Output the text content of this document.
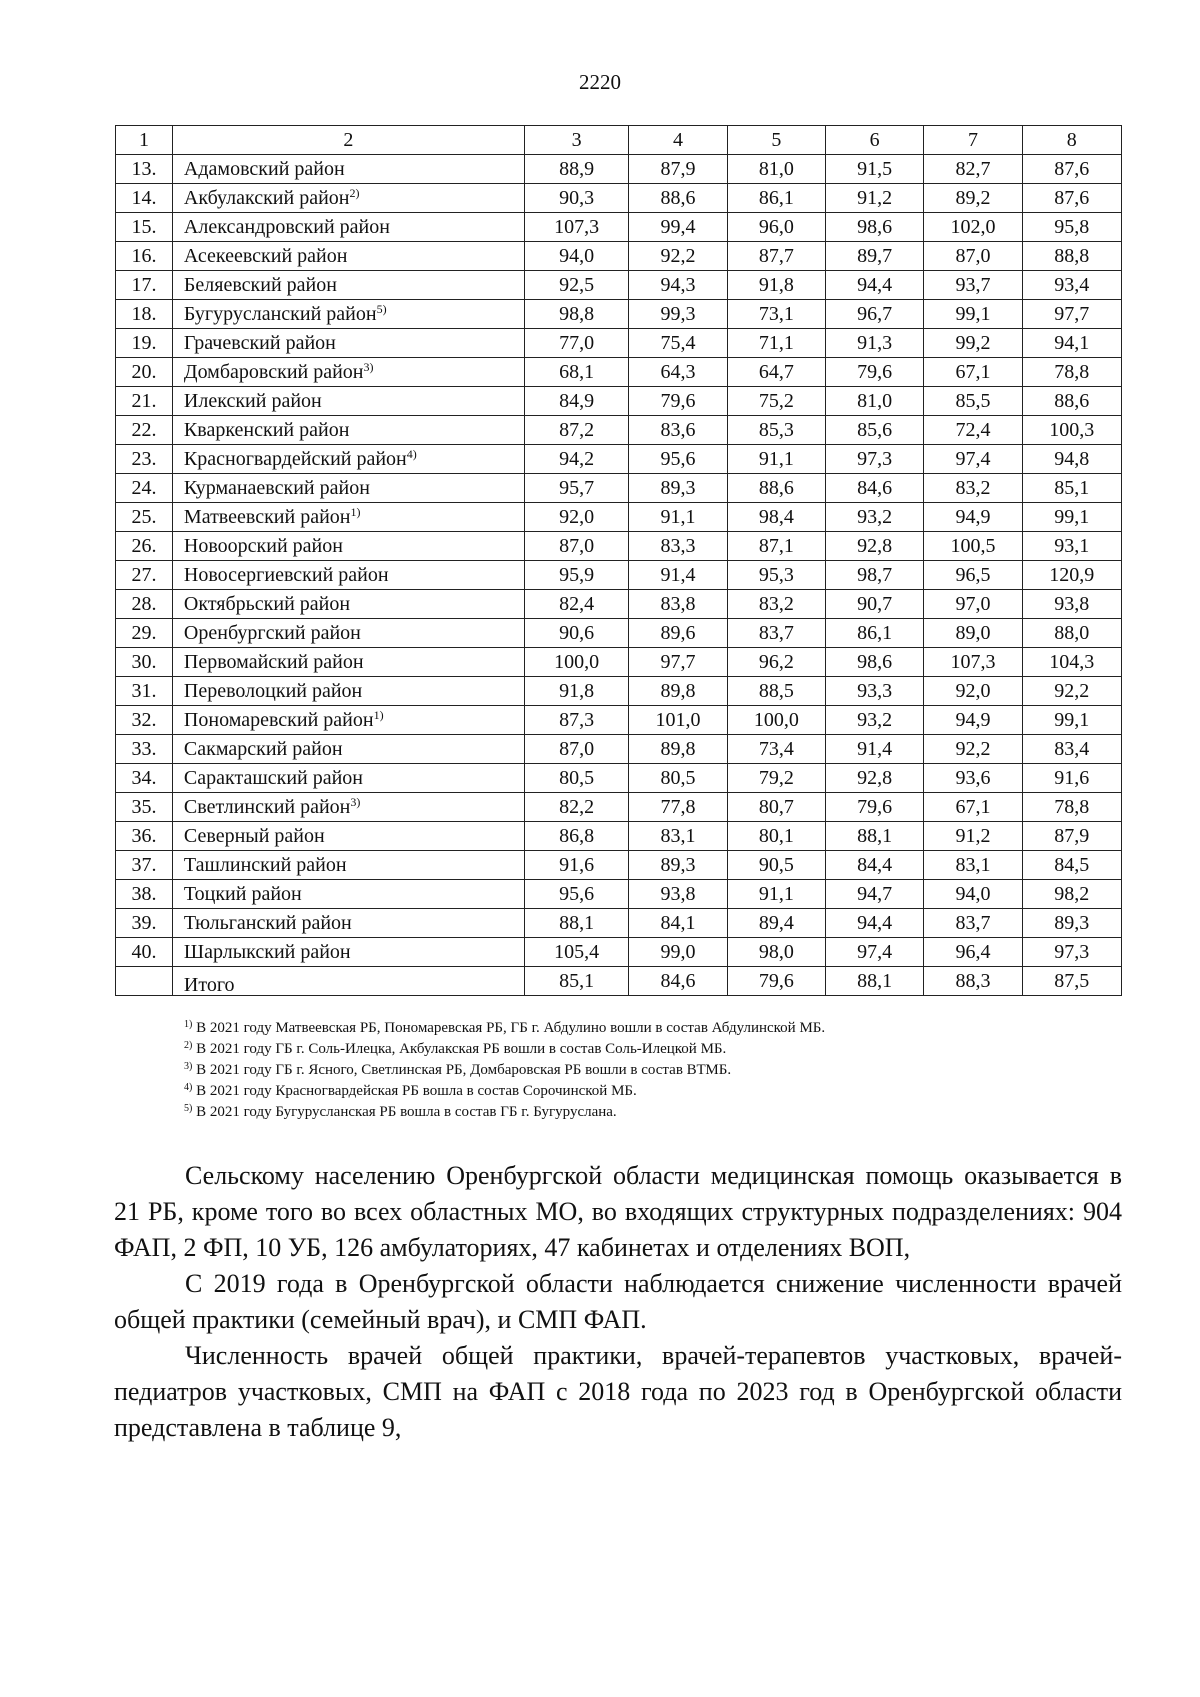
2220
1	2	3	4	5	6	7	8
13.	Адамовский район	88,9	87,9	81,0	91,5	82,7	87,6
14.	Акбулакский район$^{2)}$	90,3	88,6	86,1	91,2	89,2	87,6
15.	Александровский район	107,3	99,4	96,0	98,6	102,0	95,8
16.	Асекеевский район	94,0	92,2	87,7	89,7	87,0	88,8
17.	Беляевский район	92,5	94,3	91,8	94,4	93,7	93,4
18.	Бугурусланский район$^{5)}$	98,8	99,3	73,1	96,7	99,1	97,7
19.	Грачевский район	77,0	75,4	71,1	91,3	99,2	94,1
20.	Домбаровский район$^{3)}$	68,1	64,3	64,7	79,6	67,1	78,8
21.	Илекский район	84,9	79,6	75,2	81,0	85,5	88,6
22.	Кваркенский район	87,2	83,6	85,3	85,6	72,4	100,3
23.	Красногвардейский район$^{4)}$	94,2	95,6	91,1	97,3	97,4	94,8
24.	Курманаевский район	95,7	89,3	88,6	84,6	83,2	85,1
25.	Матвеевский район$^{1)}$	92,0	91,1	98,4	93,2	94,9	99,1
26.	Новоорский район	87,0	83,3	87,1	92,8	100,5	93,1
27.	Новосергиевский район	95,9	91,4	95,3	98,7	96,5	120,9
28.	Октябрьский район	82,4	83,8	83,2	90,7	97,0	93,8
29.	Оренбургский район	90,6	89,6	83,7	86,1	89,0	88,0
30.	Первомайский район	100,0	97,7	96,2	98,6	107,3	104,3
31.	Переволоцкий район	91,8	89,8	88,5	93,3	92,0	92,2
32.	Пономаревский район$^{1)}$	87,3	101,0	100,0	93,2	94,9	99,1
33.	Сакмарский район	87,0	89,8	73,4	91,4	92,2	83,4
34.	Саракташский район	80,5	80,5	79,2	92,8	93,6	91,6
35.	Светлинский район$^{3)}$	82,2	77,8	80,7	79,6	67,1	78,8
36.	Северный район	86,8	83,1	80,1	88,1	91,2	87,9
37.	Ташлинский район	91,6	89,3	90,5	84,4	83,1	84,5
38.	Тоцкий район	95,6	93,8	91,1	94,7	94,0	98,2
39.	Тюльганский район	88,1	84,1	89,4	94,4	83,7	89,3
40.	Шарлыкский район	105,4	99,0	98,0	97,4	96,4	97,3
	Итого	85,1	84,6	79,6	88,1	88,3	87,5
$^{1)}$ В 2021 году Матвеевская РБ, Пономаревская РБ, ГБ г. Абдулино вошли в состав Абдулинской МБ.
$^{2)}$ В 2021 году ГБ г. Соль-Илецка, Акбулакская РБ вошли в состав Соль-Илецкой МБ.
$^{3)}$ В 2021 году ГБ г. Ясного, Светлинская РБ, Домбаровская РБ вошли в состав ВТМБ.
$^{4)}$ В 2021 году Красногвардейская РБ вошла в состав Сорочинской МБ.
$^{5)}$ В 2021 году Бугурусланская РБ вошла в состав ГБ г. Бугуруслана.

Сельскому населению Оренбургской области медицинская помощь оказывается в 21 РБ, кроме того во всех областных МО, во входящих структурных подразделениях: 904 ФАП, 2 ФП, 10 УБ, 126 амбулаториях, 47 кабинетах и отделениях ВОП,

С 2019 года в Оренбургской области наблюдается снижение численности врачей общей практики (семейный врач), и СМП ФАП.

Численность врачей общей практики, врачей-терапевтов участковых, врачей-педиатров участковых, СМП на ФАП с 2018 года по 2023 год в Оренбургской области представлена в таблице 9,
